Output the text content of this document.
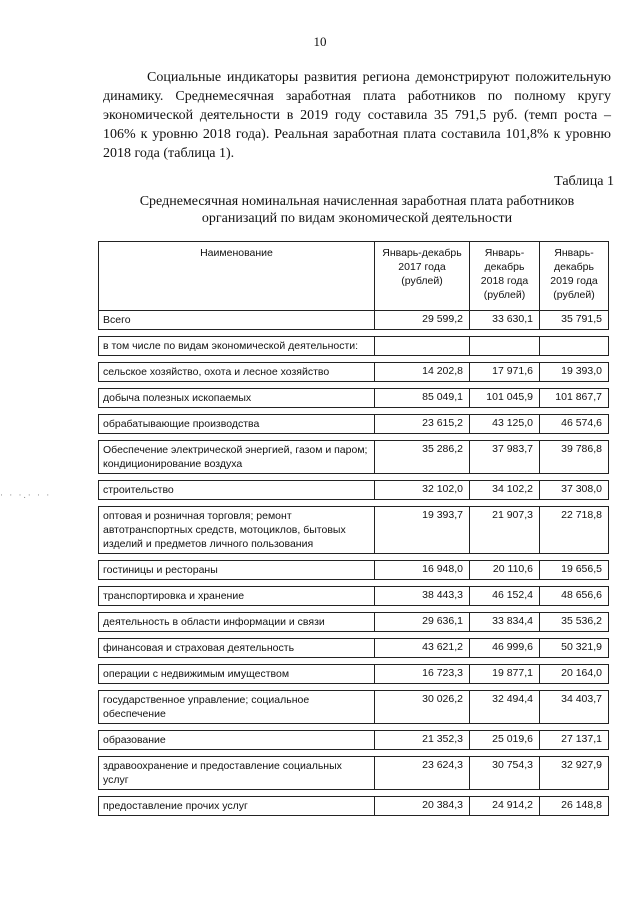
10

Социальные индикаторы развития региона демонстрируют положительную динамику. Среднемесячная заработная плата работников по полному кругу экономической деятельности в 2019 году составила 35 791,5 руб. (темп роста – 106% к уровню 2018 года). Реальная заработная плата составила 101,8% к уровню 2018 года (таблица 1).

Таблица 1
Среднемесячная номинальная начисленная заработная плата работников организаций по видам экономической деятельности
· · ·.· · ·
Наименование	Январь-декабрь 2017 года (рублей)	Январь-декабрь 2018 года (рублей)	Январь-декабрь 2019 года (рублей)
Всего	29 599,2	33 630,1	35 791,5

в том числе по видам экономической деятельности:			

сельское хозяйство, охота и лесное хозяйство	14 202,8	17 971,6	19 393,0

добыча полезных ископаемых	85 049,1	101 045,9	101 867,7

обрабатывающие производства	23 615,2	43 125,0	46 574,6

Обеспечение электрической энергией, газом и паром; кондиционирование воздуха	35 286,2	37 983,7	39 786,8

строительство	32 102,0	34 102,2	37 308,0

оптовая и розничная торговля; ремонт автотранспортных средств, мотоциклов, бытовых изделий и предметов личного пользования	19 393,7	21 907,3	22 718,8

гостиницы и рестораны	16 948,0	20 110,6	19 656,5

транспортировка и хранение	38 443,3	46 152,4	48 656,6

деятельность в области информации и связи	29 636,1	33 834,4	35 536,2

финансовая и страховая деятельность	43 621,2	46 999,6	50 321,9

операции с недвижимым имуществом	16 723,3	19 877,1	20 164,0

государственное управление; социальное обеспечение	30 026,2	32 494,4	34 403,7

образование	21 352,3	25 019,6	27 137,1

здравоохранение и предоставление социальных услуг	23 624,3	30 754,3	32 927,9

предоставление прочих услуг	20 384,3	24 914,2	26 148,8
